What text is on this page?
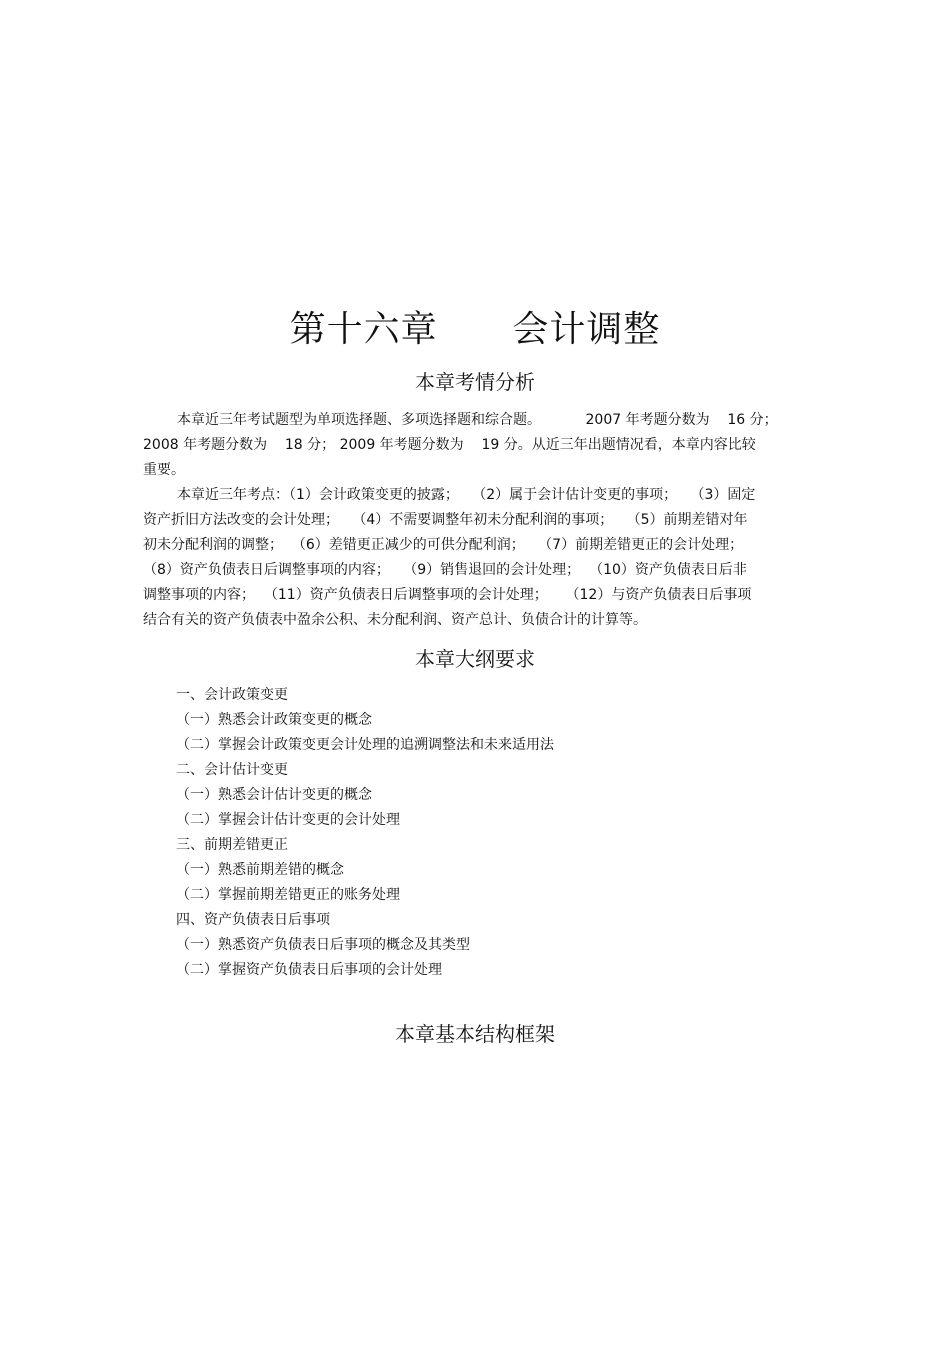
第十六章      会计调整
本章考情分析
本章近三年考试题型为单项选择题、多项选择题和综合题。          2007 年考题分数为    16 分；
2008 年考题分数为    18 分； 2009 年考题分数为    19 分。从近三年出题情况看，本章内容比较
重要。
本章近三年考点：（1）会计政策变更的披露；   （2）属于会计估计变更的事项；   （3）固定
资产折旧方法改变的会计处理；   （4）不需要调整年初未分配利润的事项；   （5）前期差错对年
初未分配利润的调整；  （6）差错更正减少的可供分配利润；   （7）前期差错更正的会计处理；
（8）资产负债表日后调整事项的内容；   （9）销售退回的会计处理；  （10）资产负债表日后非
调整事项的内容；  （11）资产负债表日后调整事项的会计处理；    （12）与资产负债表日后事项
结合有关的资产负债表中盈余公积、未分配利润、资产总计、负债合计的计算等。
本章大纲要求
一、会计政策变更
（一）熟悉会计政策变更的概念
（二）掌握会计政策变更会计处理的追溯调整法和未来适用法
二、会计估计变更
（一）熟悉会计估计变更的概念
（二）掌握会计估计变更的会计处理
三、前期差错更正
（一）熟悉前期差错的概念
（二）掌握前期差错更正的账务处理
四、资产负债表日后事项
（一）熟悉资产负债表日后事项的概念及其类型
（二）掌握资产负债表日后事项的会计处理
本章基本结构框架
